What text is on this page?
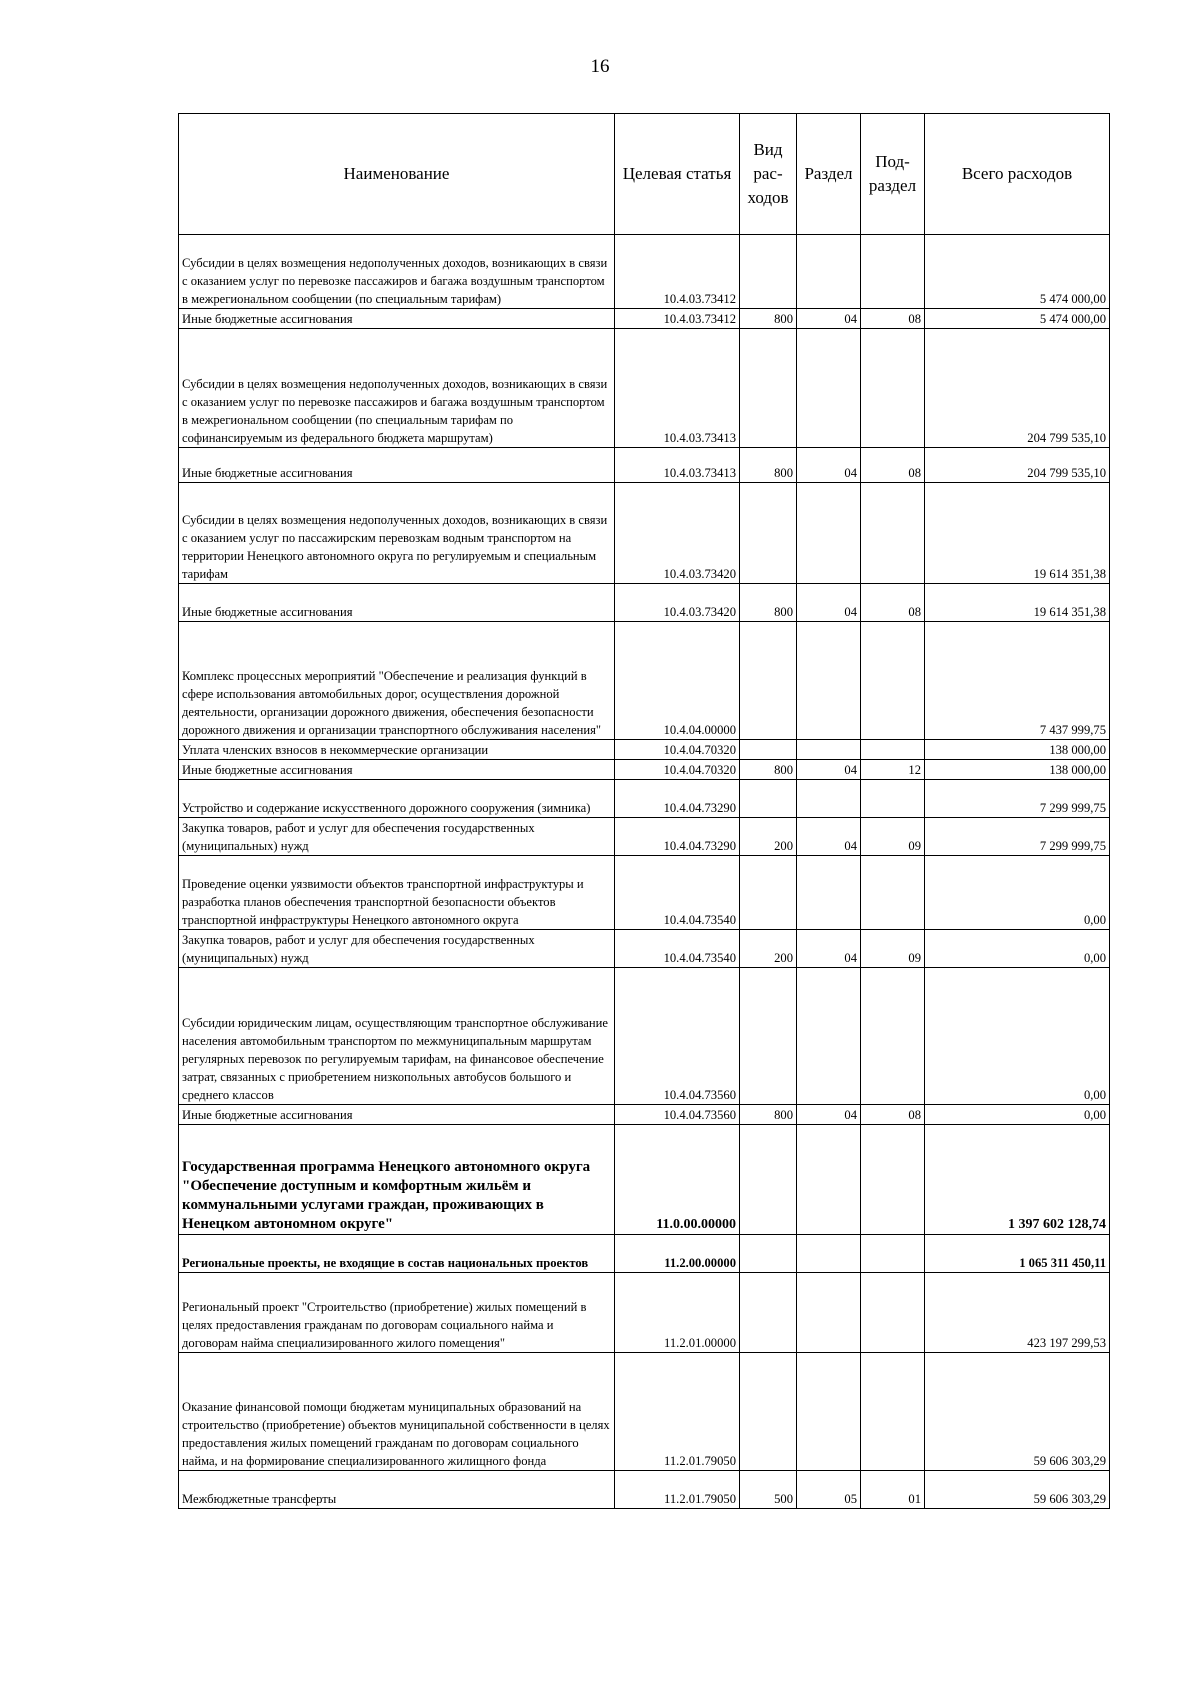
16
Наименование	Целевая статья	Вид рас-ходов	Раздел	Под-раздел	Всего расходов
Субсидии в целях возмещения недополученных доходов, возникающих в связи с оказанием услуг по перевозке пассажиров и багажа воздушным транспортом в межрегиональном сообщении (по специальным тарифам)	10.4.03.73412				5 474 000,00
Иные бюджетные ассигнования	10.4.03.73412	800	04	08	5 474 000,00
Субсидии в целях возмещения недополученных доходов, возникающих в связи с оказанием услуг по перевозке пассажиров и багажа воздушным транспортом в межрегиональном сообщении (по специальным тарифам по софинансируемым из федерального бюджета маршрутам)	10.4.03.73413				204 799 535,10
Иные бюджетные ассигнования	10.4.03.73413	800	04	08	204 799 535,10
Субсидии в целях возмещения недополученных доходов, возникающих в связи с оказанием услуг по пассажирским перевозкам водным транспортом на территории Ненецкого автономного округа по регулируемым и специальным тарифам	10.4.03.73420				19 614 351,38
Иные бюджетные ассигнования	10.4.03.73420	800	04	08	19 614 351,38
Комплекс процессных мероприятий "Обеспечение и реализация функций в сфере использования автомобильных дорог, осуществления дорожной деятельности, организации дорожного движения, обеспечения безопасности дорожного движения и организации транспортного обслуживания населения"	10.4.04.00000				7 437 999,75
Уплата членских взносов в некоммерческие организации	10.4.04.70320				138 000,00
Иные бюджетные ассигнования	10.4.04.70320	800	04	12	138 000,00
Устройство и содержание искусственного дорожного сооружения (зимника)	10.4.04.73290				7 299 999,75
Закупка товаров, работ и услуг для обеспечения государственных (муниципальных) нужд	10.4.04.73290	200	04	09	7 299 999,75
Проведение оценки уязвимости объектов транспортной инфраструктуры и разработка планов обеспечения транспортной безопасности объектов транспортной инфраструктуры Ненецкого автономного округа	10.4.04.73540				0,00
Закупка товаров, работ и услуг для обеспечения государственных (муниципальных) нужд	10.4.04.73540	200	04	09	0,00
Субсидии юридическим лицам, осуществляющим транспортное обслуживание населения автомобильным транспортом по межмуниципальным маршрутам регулярных перевозок по регулируемым тарифам, на финансовое обеспечение затрат, связанных с приобретением низкопольных автобусов большого и среднего классов	10.4.04.73560				0,00
Иные бюджетные ассигнования	10.4.04.73560	800	04	08	0,00
Государственная программа Ненецкого автономного округа "Обеспечение доступным и комфортным жильём и коммунальными услугами граждан, проживающих в Ненецком автономном округе"	11.0.00.00000				1 397 602 128,74
Региональные проекты, не входящие в состав национальных проектов	11.2.00.00000				1 065 311 450,11
Региональный проект "Строительство (приобретение) жилых помещений в целях предоставления гражданам по договорам социального найма и договорам найма специализированного жилого помещения"	11.2.01.00000				423 197 299,53
Оказание финансовой помощи бюджетам муниципальных образований на строительство (приобретение) объектов муниципальной собственности в целях предоставления жилых помещений гражданам по договорам социального найма, и на формирование специализированного жилищного фонда	11.2.01.79050				59 606 303,29
Межбюджетные трансферты	11.2.01.79050	500	05	01	59 606 303,29
